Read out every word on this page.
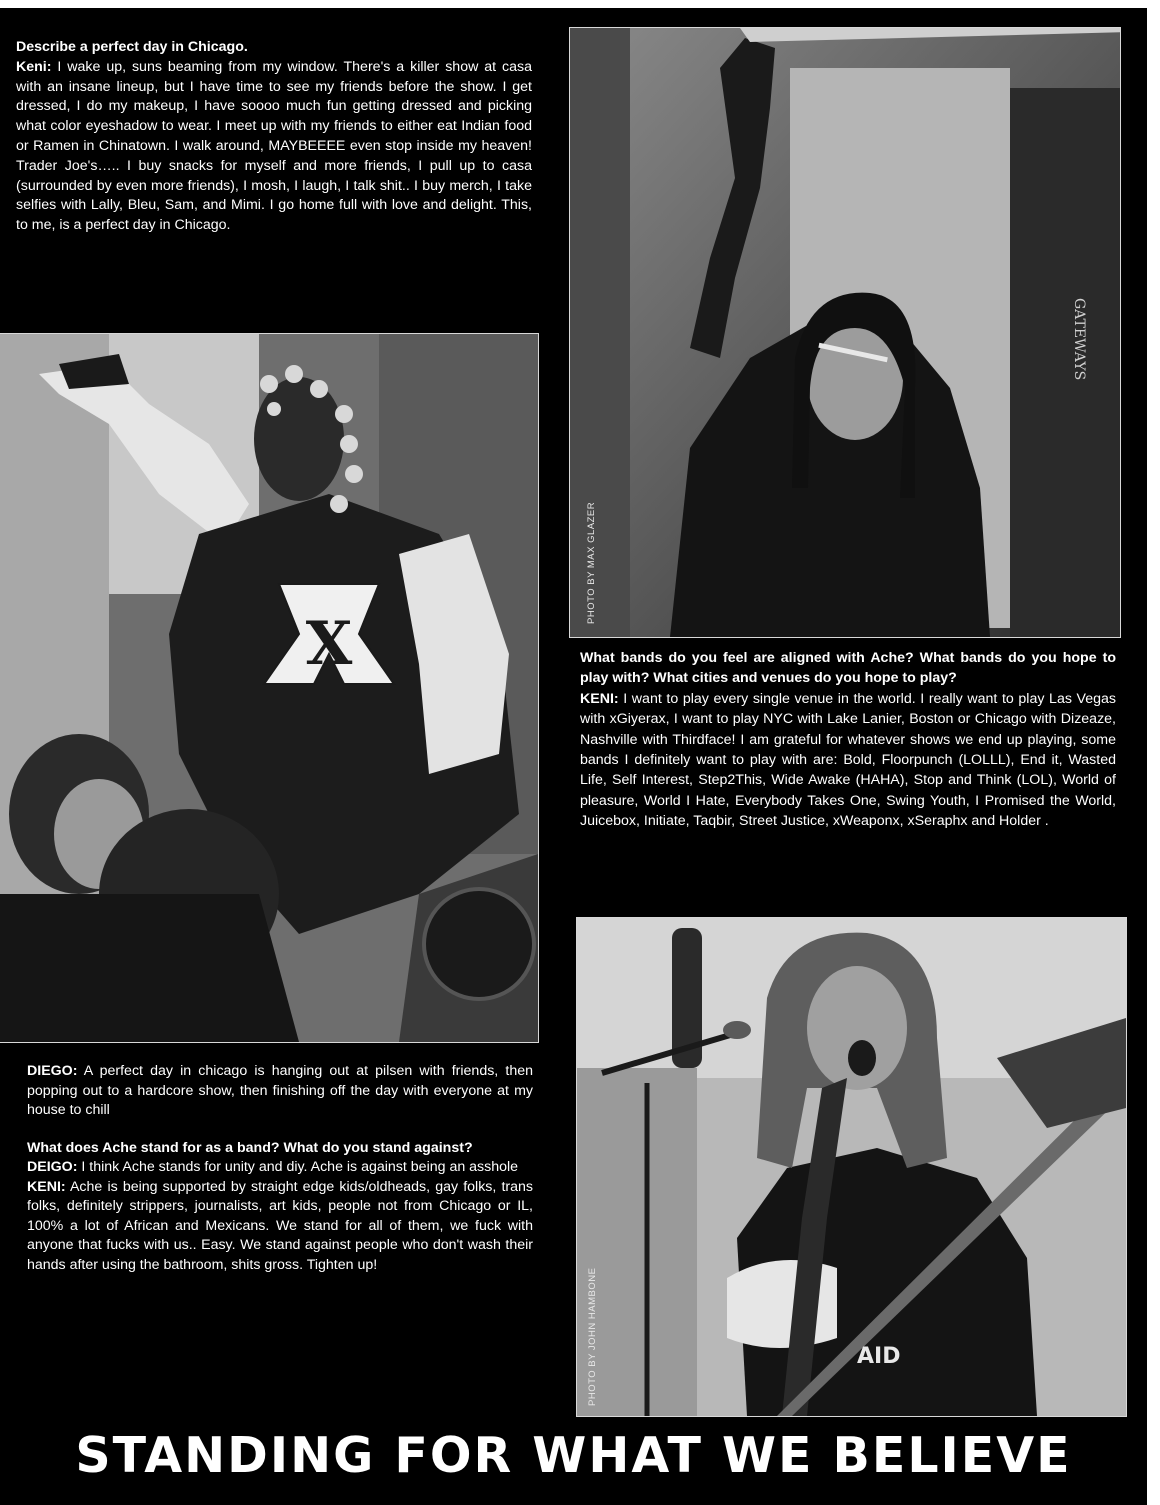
Describe a perfect day in Chicago.
Keni: I wake up, suns beaming from my window. There's a killer show at casa with an insane lineup, but I have time to see my friends before the show. I get dressed, I do my makeup, I have soooo much fun getting dressed and picking what color eyeshadow to wear. I meet up with my friends to either eat Indian food or Ramen in Chinatown. I walk around, MAYBEEEE even stop inside my heaven! Trader Joe's….. I buy snacks for myself and more friends, I pull up to casa (surrounded by even more friends), I mosh, I laugh, I talk shit.. I buy merch, I take selfies with Lally, Bleu, Sam, and Mimi. I go home full with love and delight. This, to me, is a perfect day in Chicago.

GATEWAYS
PHOTO BY MAX GLAZER
X	What bands do you feel are aligned with Ache? What bands do you hope to play with? What cities and venues do you hope to play?
KENI: I want to play every single venue in the world. I really want to play Las Vegas with xGiyerax, I want to play NYC with Lake Lanier, Boston or Chicago with Dizeaze, Nashville with Thirdface! I am grateful for whatever shows we end up playing, some bands I definitely want to play with are: Bold, Floorpunch (LOLLL), End it, Wasted Life, Self Interest, Step2This, Wide Awake (HAHA), Stop and Think (LOL), World of pleasure, World I Hate, Everybody Takes One, Swing Youth, I Promised the World, Juicebox, Initiate, Taqbir, Street Justice, xWeaponx, xSeraphx and Holder .

AID
PHOTO BY JOHN HAMBONE

DIEGO: A perfect day in chicago is hanging out at pilsen with friends, then popping out to a hardcore show, then finishing off the day with everyone at my house to chill

What does Ache stand for as a band? What do you stand against?
DEIGO: I think Ache stands for unity and diy. Ache is against being an asshole
KENI: Ache is being supported by straight edge kids/oldheads, gay folks, trans folks, definitely strippers, journalists, art kids, people not from Chicago or IL, 100% a lot of African and Mexicans. We stand for all of them, we fuck with anyone that fucks with us.. Easy. We stand against people who don't wash their hands after using the bathroom, shits gross. Tighten up!

STANDING FOR WHAT WE BELIEVE
